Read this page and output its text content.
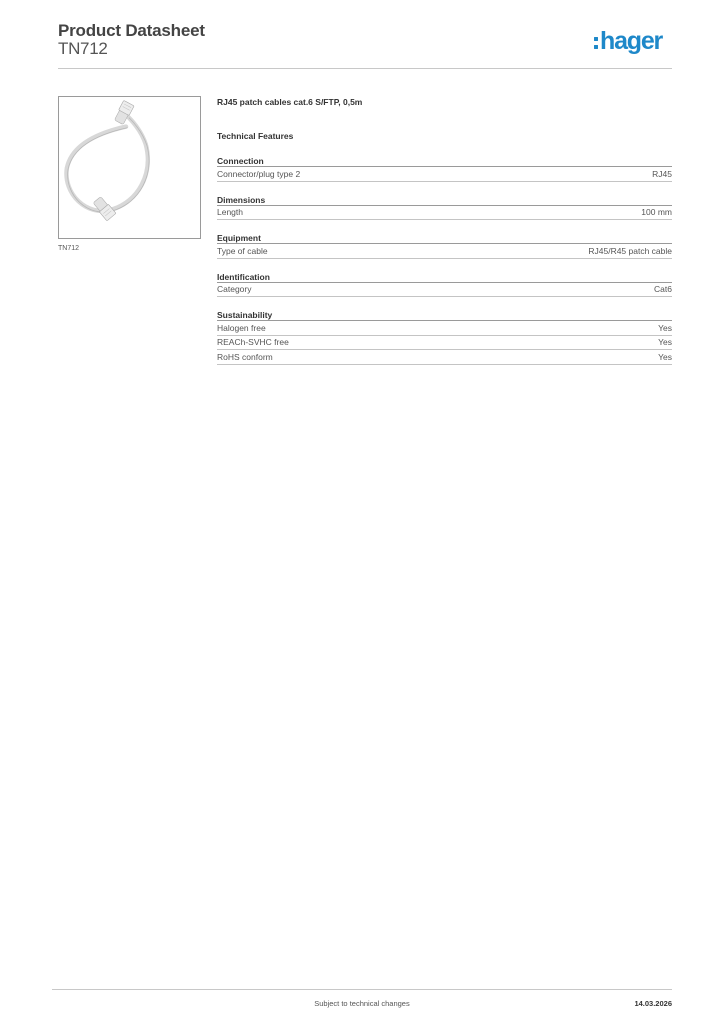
Product Datasheet
TN712	hager
TN712
RJ45 patch cables cat.6 S/FTP, 0,5m
Technical Features
Connection
Connector/plug type 2	RJ45
Dimensions
Length	100 mm
Equipment
Type of cable	RJ45/R45 patch cable
Identification
Category	Cat6
Sustainability
Halogen free	Yes
REACh-SVHC free	Yes
RoHS conform	Yes
Subject to technical changes	14.03.2026
